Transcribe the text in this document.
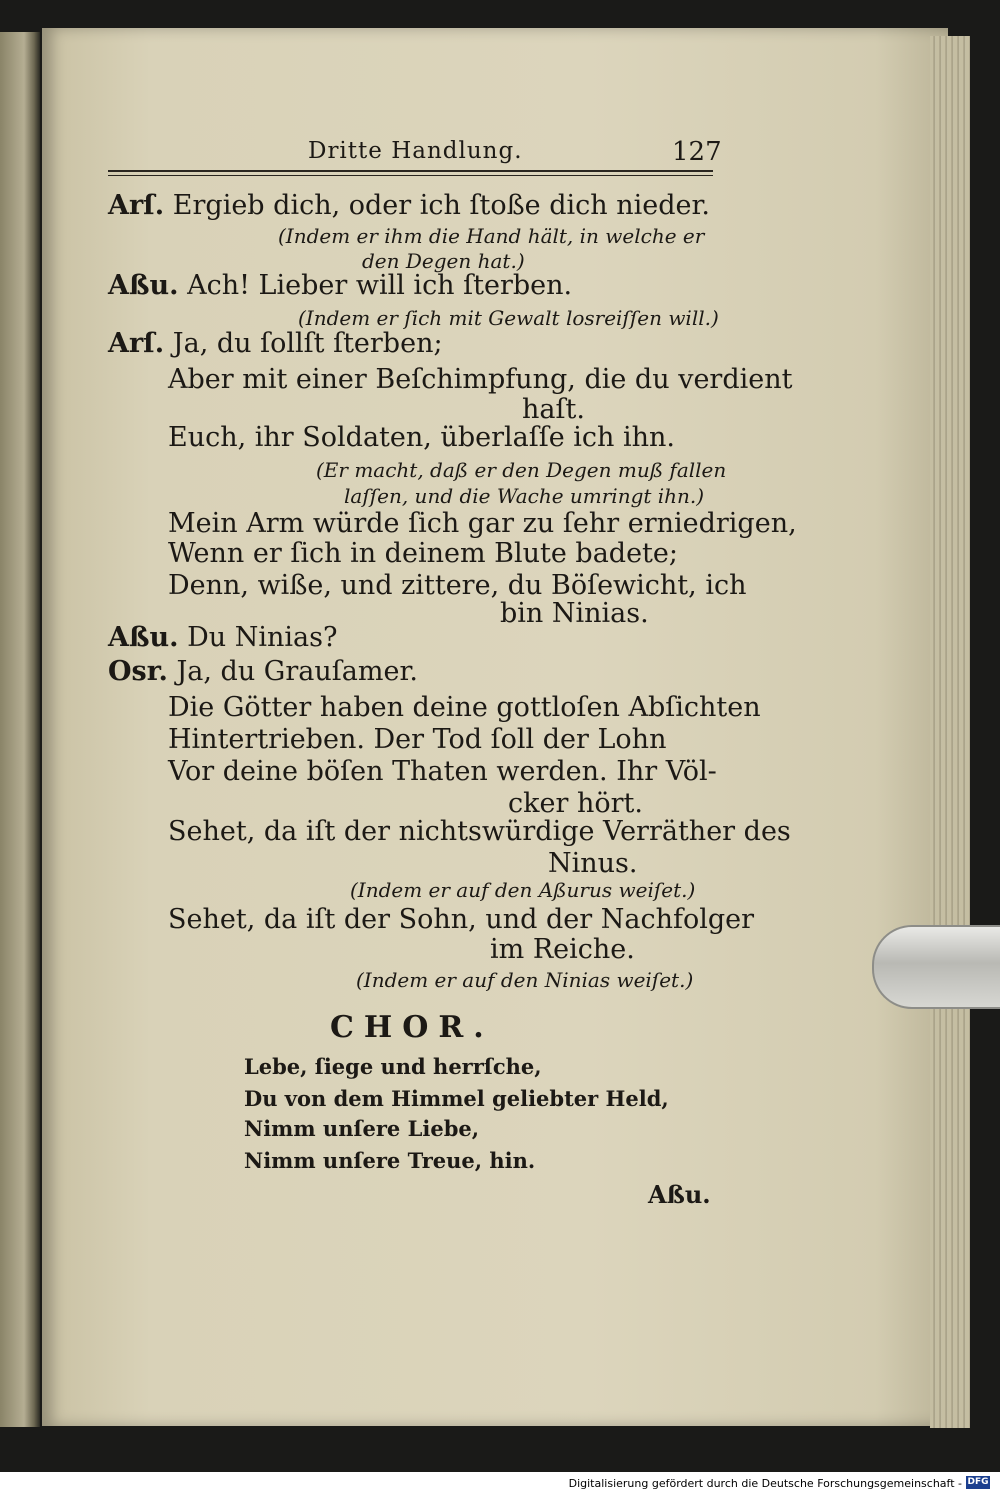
Dritte Handlung.	127
Arſ. Ergieb dich, oder ich ſtoße dich nieder.
(Indem er ihm die Hand hält, in welche er
den Degen hat.)
Aßu. Ach! Lieber will ich ſterben.
(Indem er ſich mit Gewalt losreiſſen will.)
Arſ. Ja, du ſollſt ſterben;
Aber mit einer Beſchimpfung, die du verdient
haſt.
Euch, ihr Soldaten, überlaſſe ich ihn.
(Er macht, daß er den Degen muß fallen
laſſen, und die Wache umringt ihn.)
Mein Arm würde ſich gar zu ſehr erniedrigen,
Wenn er ſich in deinem Blute badete;
Denn, wiße, und zittere, du Böſewicht, ich
bin Ninias.
Aßu. Du Ninias?
Osr. Ja, du Grauſamer.
Die Götter haben deine gottloſen Abſichten
Hintertrieben. Der Tod ſoll der Lohn
Vor deine böſen Thaten werden. Ihr Völ-
cker hört.
Sehet, da iſt der nichtswürdige Verräther des
Ninus.
(Indem er auf den Aßurus weiſet.)
Sehet, da iſt der Sohn, und der Nachfolger
im Reiche.
(Indem er auf den Ninias weiſet.)
CHOR.
Lebe, ſiege und herrſche,
Du von dem Himmel geliebter Held,
Nimm unſere Liebe,
Nimm unſere Treue, hin.
Aßu.
Digitalisierung gefördert durch die Deutsche Forschungsgemeinschaft - DFG
